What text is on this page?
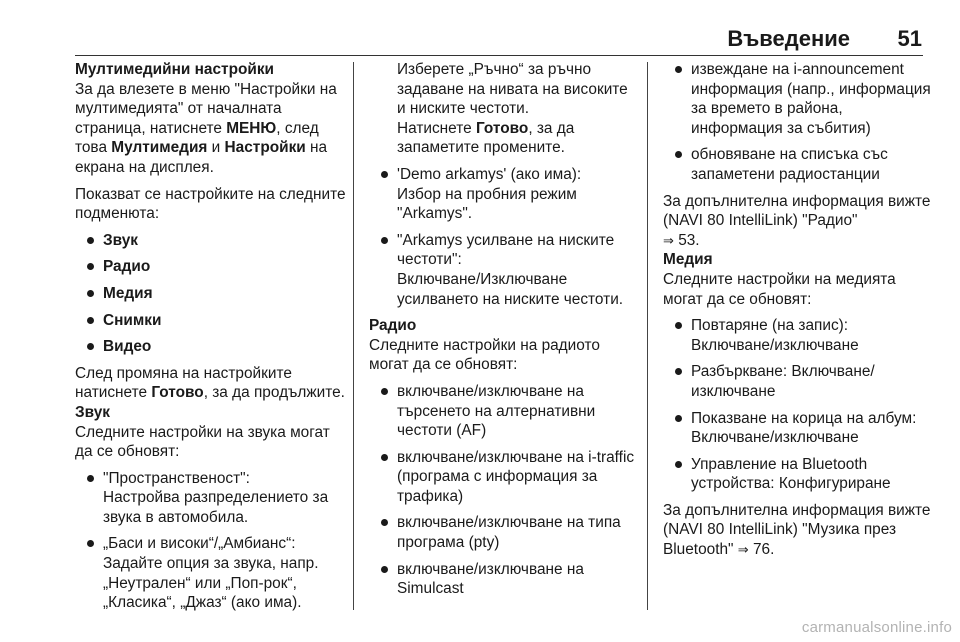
Въведение 51

Мултимедийни настройки

За да влезете в меню "Настройки на мултимедията" от началната страница, натиснете МЕНЮ, след това Мултимедия и Настройки на екрана на дисплея.

Показват се настройките на следните подменюта:

Звук
Радио
Медия
Снимки
Видео

След промяна на настройките натиснете Готово, за да продължите.

Звук

Следните настройки на звука могат да се обновят:

"Пространственост":

Настройва разпределението за звука в автомобила.

„Баси и високи“/„Амбианс“:

Задайте опция за звука, напр. „Неутрален“ или „Поп-рок“, „Класика“, „Джаз“ (ако има).

Изберете „Ръчно“ за ръчно задаване на нивата на високите и ниските честоти.

Натиснете Готово, за да запаметите промените.

'Demo arkamys' (ако има):

Избор на пробния режим "Arkamys".

"Arkamys усилване на ниските честоти":

Включване/Изключване усилването на ниските честоти.

Радио

Следните настройки на радиото могат да се обновят:

включване/изключване на търсенето на алтернативни честоти (AF)
включване/изключване на i-traffic (програма с информация за трафика)
включване/изключване на типа програма (pty)
включване/изключване на Simulcast
извеждане на i-announcement информация (напр., информация за времето в района, информация за събития)
обновяване на списъка със запаметени радиостанции

За допълнителна информация вижте (NAVI 80 IntelliLink) "Радио"
⇒ 53.

Медия

Следните настройки на медията могат да се обновят:

Повтаряне (на запис): Включване/изключване
Разбъркване: Включване/ изключване
Показване на корица на албум: Включване/изключване
Управление на Bluetooth устройства: Конфигуриране

За допълнителна информация вижте (NAVI 80 IntelliLink) "Музика през Bluetooth" ⇒ 76.

carmanualsonline.info
